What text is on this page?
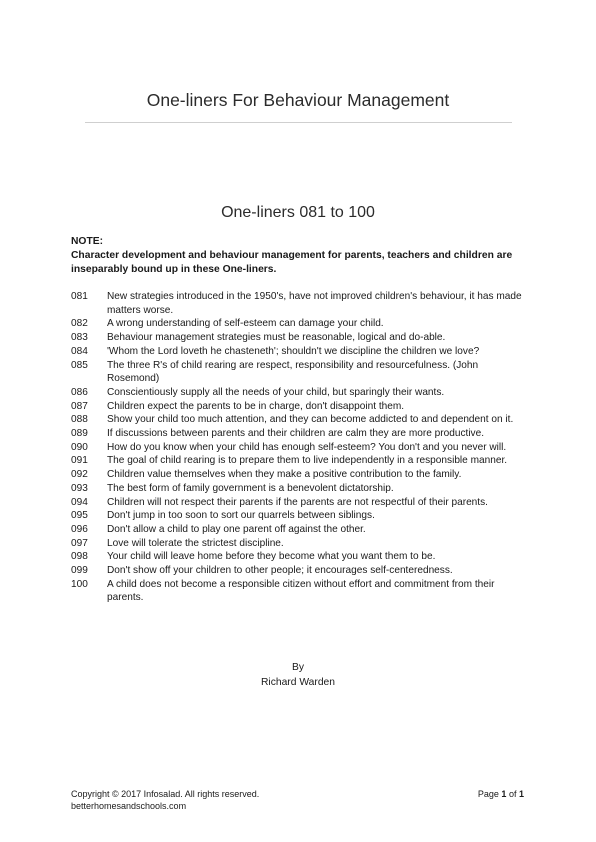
One-liners For Behaviour Management
One-liners 081 to 100
NOTE:
Character development and behaviour management for parents, teachers and children are inseparably bound up in these One-liners.
081	New strategies introduced in the 1950's, have not improved children's behaviour, it has made matters worse.
082	A wrong understanding of self-esteem can damage your child.
083	Behaviour management strategies must be reasonable, logical and do-able.
084	'Whom the Lord loveth he chasteneth'; shouldn't we discipline the children we love?
085	The three R's of child rearing are respect, responsibility and resourcefulness. (John Rosemond)
086	Conscientiously supply all the needs of your child, but sparingly their wants.
087	Children expect the parents to be in charge, don't disappoint them.
088	Show your child too much attention, and they can become addicted to and dependent on it.
089	If discussions between parents and their children are calm they are more productive.
090	How do you know when your child has enough self-esteem? You don't and you never will.
091	The goal of child rearing is to prepare them to live independently in a responsible manner.
092	Children value themselves when they make a positive contribution to the family.
093	The best form of family government is a benevolent dictatorship.
094	Children will not respect their parents if the parents are not respectful of their parents.
095	Don't jump in too soon to sort our quarrels between siblings.
096	Don't allow a child to play one parent off against the other.
097	Love will tolerate the strictest discipline.
098	Your child will leave home before they become what you want them to be.
099	Don't show off your children to other people; it encourages self-centeredness.
100	A child does not become a responsible citizen without effort and commitment from their parents.
By
Richard Warden
Copyright © 2017 Infosalad. All rights reserved.
betterhomesandschools.com
Page 1 of 1
